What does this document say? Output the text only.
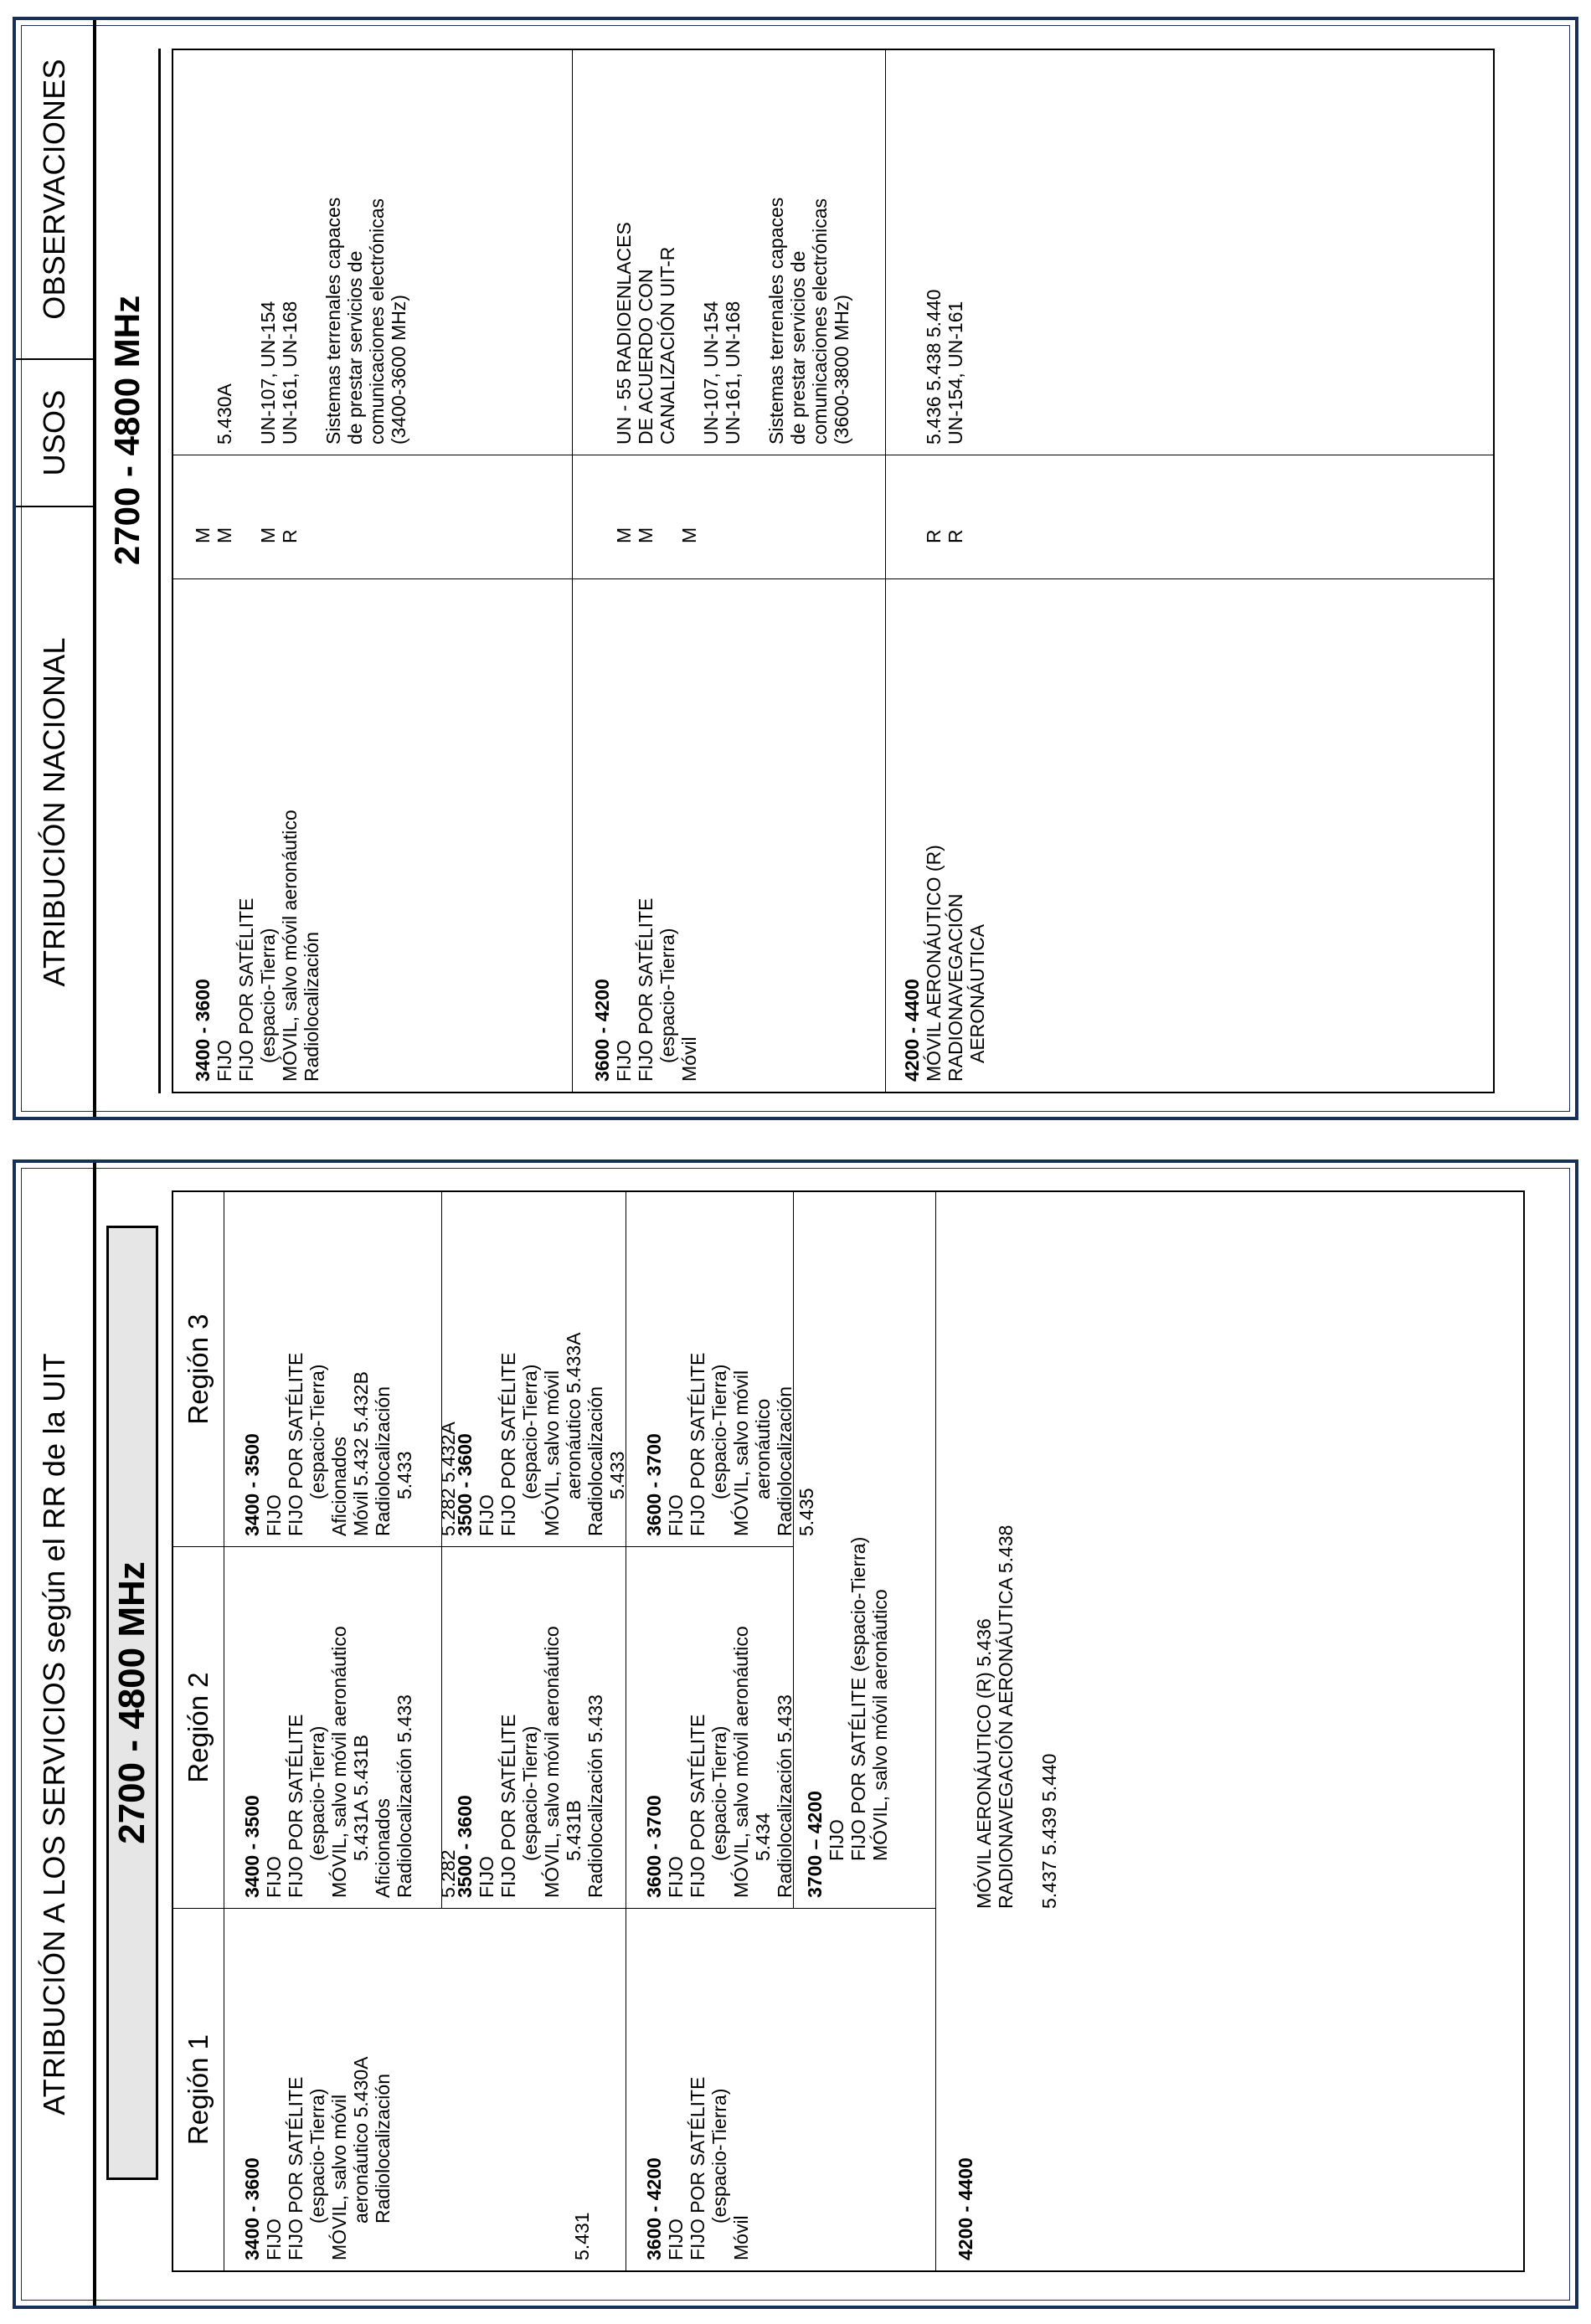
ATRIBUCIÓN NACIONAL
USOS
OBSERVACIONES
2700 - 4800 MHz
3400 - 3600 FIJO FIJO POR SATÉLITE (espacio-Tierra) MÓVIL, salvo móvil aeronáutico Radiolocalización
M M M R
5.430A UN-107, UN-154 UN-161, UN-168 Sistemas terrenales capaces de prestar servicios de comunicaciones electrónicas (3400-3600 MHz)
3600 - 4200 FIJO FIJO POR SATÉLITE (espacio-Tierra) Móvil
M M M
UN - 55 RADIOENLACES DE ACUERDO CON CANALIZACIÓN UIT-R UN-107, UN-154 UN-161, UN-168 Sistemas terrenales capaces de prestar servicios de comunicaciones electrónicas (3600-3800 MHz)
4200 - 4400 MÓVIL AERONÁUTICO (R) RADIONAVEGACIÓN AERONÁUTICA
R R
5.436 5.438 5.440 UN-154, UN-161
ATRIBUCIÓN A LOS SERVICIOS según el RR de la UIT	2700 - 4800 MHz
Región 1
Región 2
Región 3
3400 - 3600 FIJO FIJO POR SATÉLITE (espacio-Tierra) MÓVIL, salvo móvil aeronáutico 5.430A Radiolocalización
5.431
3400 - 3500 FIJO FIJO POR SATÉLITE (espacio-Tierra) MÓVIL, salvo móvil aeronáutico 5.431A 5.431B Aficionados Radiolocalización 5.433 5.282
3400 - 3500 FIJO FIJO POR SATÉLITE (espacio-Tierra) Aficionados Móvil 5.432 5.432B Radiolocalización 5.433 5.282 5.432A
3500 - 3600 FIJO FIJO POR SATÉLITE (espacio-Tierra) MÓVIL, salvo móvil aeronáutico 5.431B Radiolocalización 5.433
3500 - 3600 FIJO FIJO POR SATÉLITE (espacio-Tierra) MÓVIL, salvo móvil aeronáutico 5.433A Radiolocalización 5.433
3600 - 4200 FIJO FIJO POR SATÉLITE (espacio-Tierra)
Móvil
3600 - 3700 FIJO FIJO POR SATÉLITE (espacio-Tierra) MÓVIL, salvo móvil aeronáutico 5.434 Radiolocalización 5.433
3600 - 3700 FIJO FIJO POR SATÉLITE (espacio-Tierra) MÓVIL, salvo móvil aeronáutico Radiolocalización 5.435
3700 – 4200 FIJO FIJO POR SATÉLITE (espacio-Tierra) MÓVIL, salvo móvil aeronáutico
4200 - 4400
MÓVIL AERONÁUTICO (R) 5.436 RADIONAVEGACIÓN AERONÁUTICA 5.438 5.437 5.439 5.440
